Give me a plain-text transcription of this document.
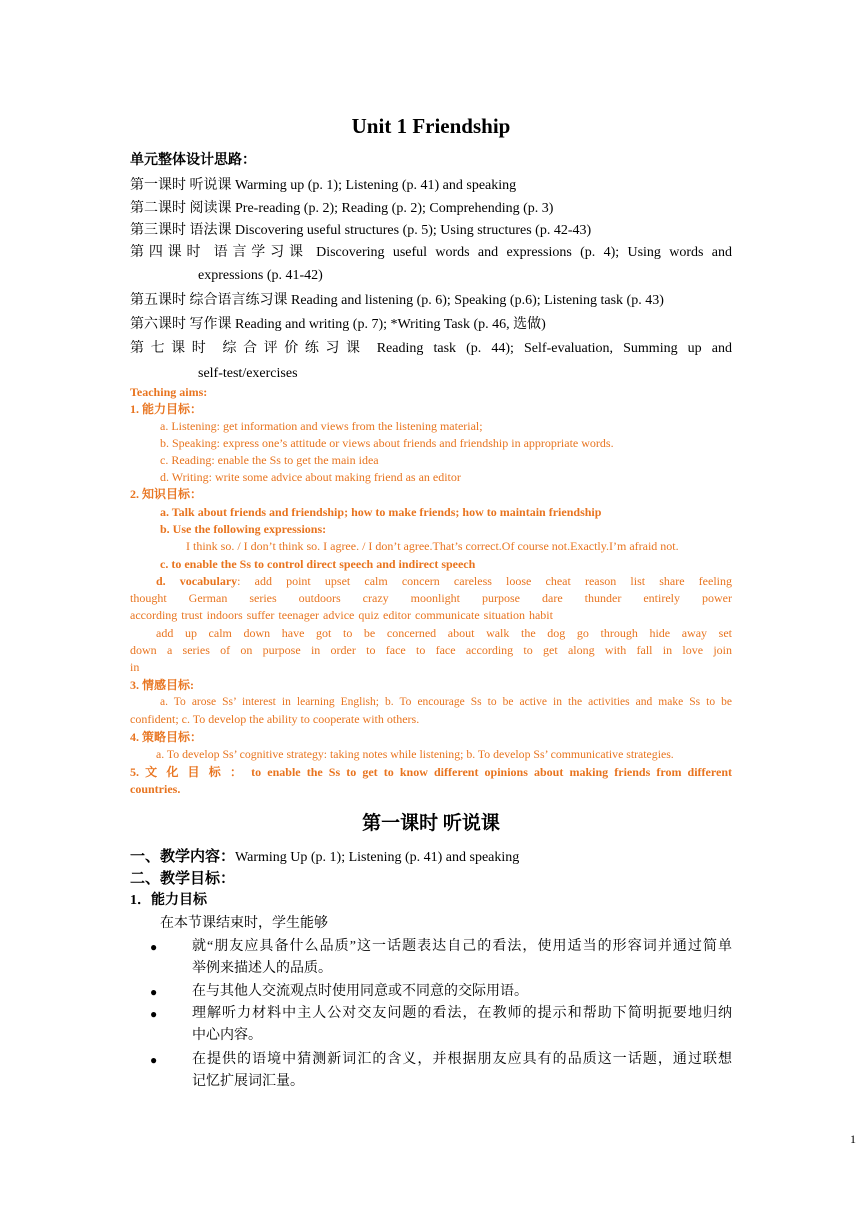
Unit 1 Friendship
单元整体设计思路：
第一课时 听说课 Warming up (p. 1); Listening (p. 41) and speaking
第二课时 阅读课 Pre-reading (p. 2); Reading (p. 2); Comprehending (p. 3)
第三课时 语法课 Discovering useful structures (p. 5); Using structures (p. 42-43)
第四课时 语言学习课 Discovering useful words and expressions (p. 4); Using words and
expressions (p. 41-42)
第五课时 综合语言练习课 Reading and listening (p. 6); Speaking (p.6); Listening task (p. 43)
第六课时 写作课 Reading and writing (p. 7); *Writing Task (p. 46, 选做)
第七课时 综合评价练习课 Reading task (p. 44); Self-evaluation, Summing up and
self-test/exercises
Teaching aims:
1. 能力目标：
a. Listening: get information and views from the listening material;
b. Speaking: express one’s attitude or views about friends and friendship in appropriate words.
c. Reading: enable the Ss to get the main idea
d. Writing: write some advice about making friend as an editor
2. 知识目标：
a. Talk about friends and friendship; how to make friends; how to maintain friendship
b. Use the following expressions:
I think so. / I don’t think so. I agree. / I don’t agree.That’s correct.Of course not.Exactly.I’m afraid not.
c. to enable the Ss to control direct speech and indirect speech
d. vocabulary: add point upset calm concern careless loose cheat reason list share feeling
thought German series outdoors crazy moonlight purpose dare thunder entirely power
according trust indoors suffer teenager advice quiz editor communicate situation habit
add up calm down have got to be concerned about walk the dog go through hide away set
down a series of on purpose in order to face to face according to get along with fall in love join
in
3. 情感目标:
a. To arose Ss’ interest in learning English; b. To encourage Ss to be active in the activities and make Ss to be
confident; c. To develop the ability to cooperate with others.
4. 策略目标：
a. To develop Ss’ cognitive strategy: taking notes while listening; b. To develop Ss’ communicative strategies.
5. 文 化 目 标 ： to enable the Ss to get to know different opinions about making friends from different
countries.
第一课时 听说课
一、教学内容：Warming Up (p. 1); Listening (p. 41) and speaking
二、教学目标：
1．能力目标
在本节课结束时，学生能够
● 就“朋友应具备什么品质”这一话题表达自己的看法，使用适当的形容词并通过简单
举例来描述人的品质。
● 在与其他人交流观点时使用同意或不同意的交际用语。
● 理解听力材料中主人公对交友问题的看法，在教师的提示和帮助下简明扼要地归纳
中心内容。
● 在提供的语境中猜测新词汇的含义，并根据朋友应具有的品质这一话题，通过联想
记忆扩展词汇量。
1
